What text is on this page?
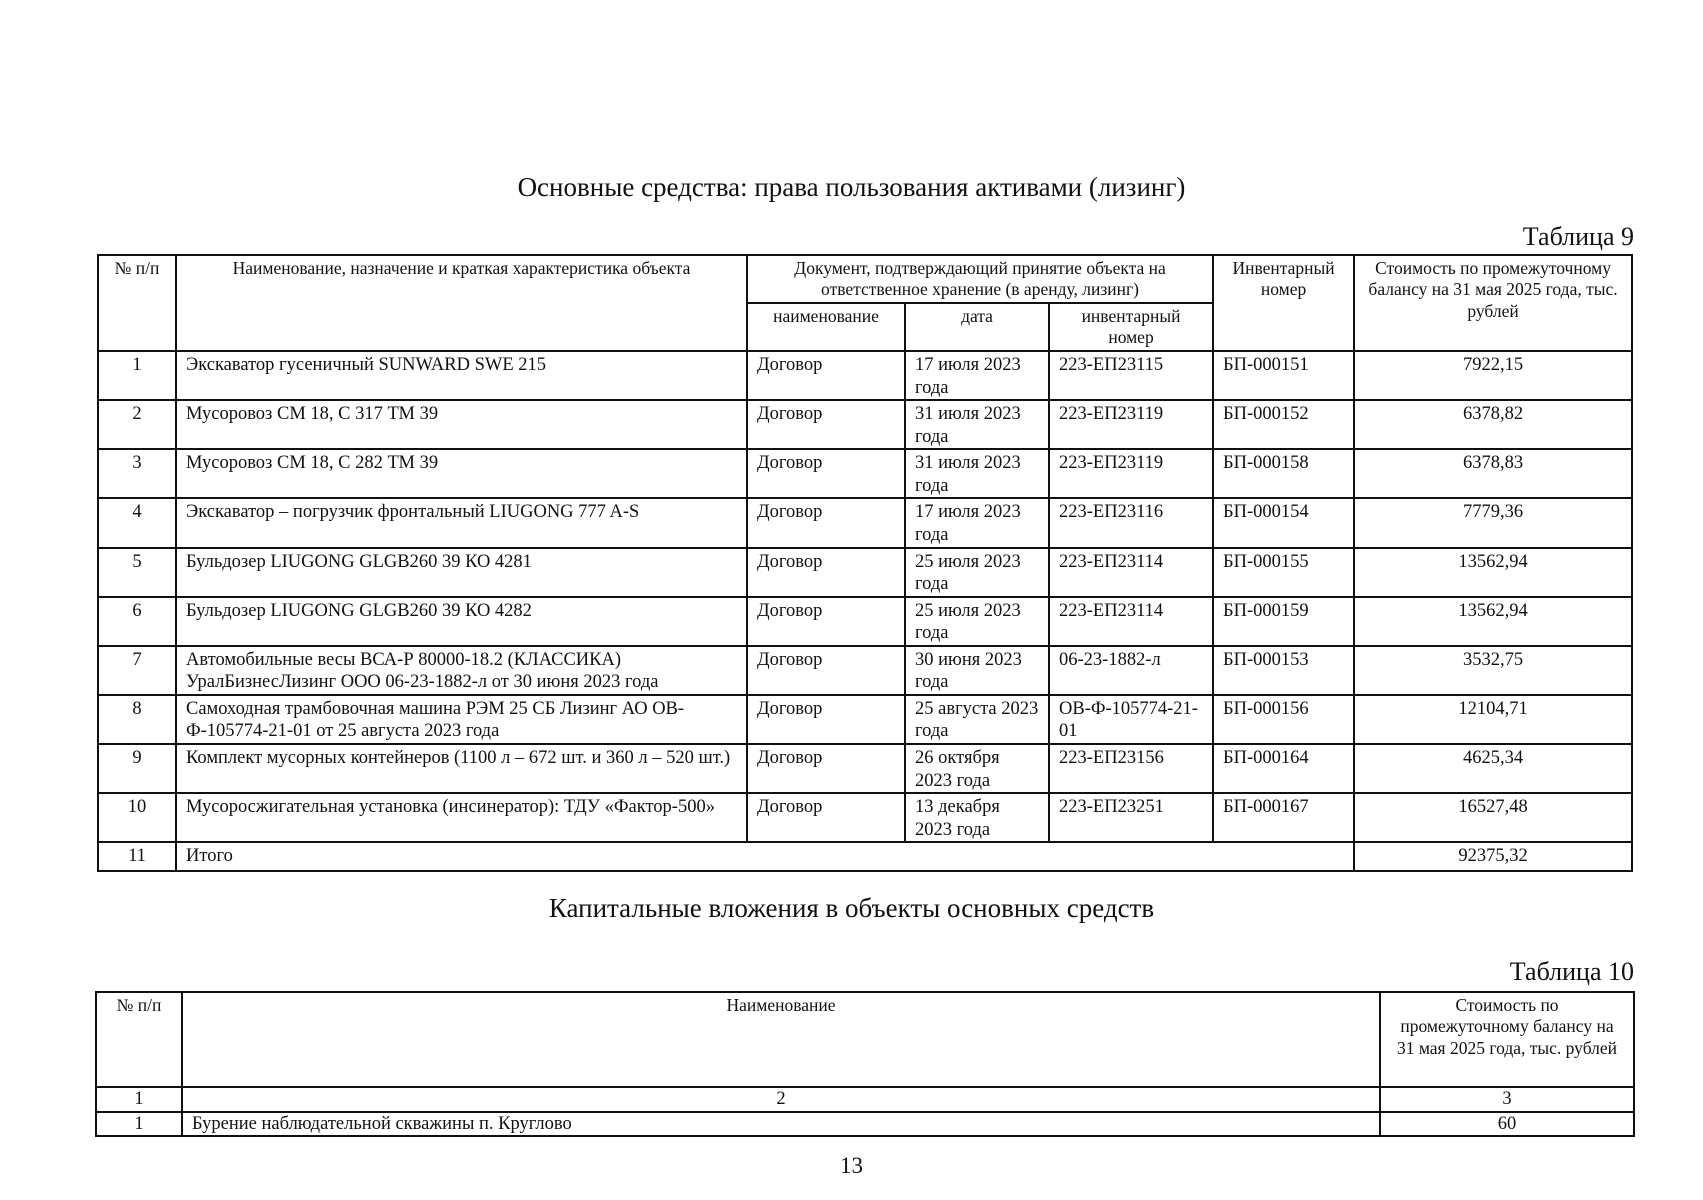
Основные средства: права пользования активами (лизинг)
Таблица 9
№ п/п	Наименование, назначение и краткая характеристика объекта	Документ, подтверждающий принятие объекта на ответственное хранение (в аренду, лизинг)			Инвентарный номер	Стоимость по промежуточному балансу на 31 мая 2025 года, тыс. рублей
		наименование	дата	инвентарный номер		
1	Экскаватор гусеничный SUNWARD SWE 215	Договор	17 июля 2023 года	223-ЕП23115	БП-000151	7922,15
2	Мусоровоз СМ 18, С 317 ТМ 39	Договор	31 июля 2023 года	223-ЕП23119	БП-000152	6378,82
3	Мусоровоз СМ 18, С 282 ТМ 39	Договор	31 июля 2023 года	223-ЕП23119	БП-000158	6378,83
4	Экскаватор – погрузчик фронтальный LIUGONG 777 A-S	Договор	17 июля 2023 года	223-ЕП23116	БП-000154	7779,36
5	Бульдозер LIUGONG GLGB260 39 КО 4281	Договор	25 июля 2023 года	223-ЕП23114	БП-000155	13562,94
6	Бульдозер LIUGONG GLGB260 39 КО 4282	Договор	25 июля 2023 года	223-ЕП23114	БП-000159	13562,94
7	Автомобильные весы ВСА-Р 80000-18.2 (КЛАССИКА) УралБизнесЛизинг ООО 06-23-1882-л от 30 июня 2023 года	Договор	30 июня 2023 года	06-23-1882-л	БП-000153	3532,75
8	Самоходная трамбовочная машина РЭМ 25 СБ Лизинг АО ОВ-Ф-105774-21-01 от 25 августа 2023 года	Договор	25 августа 2023 года	ОВ-Ф-105774-21-01	БП-000156	12104,71
9	Комплект мусорных контейнеров (1100 л – 672 шт. и 360 л – 520 шт.)	Договор	26 октября 2023 года	223-ЕП23156	БП-000164	4625,34
10	Мусоросжигательная установка (инсинератор): ТДУ «Фактор-500»	Договор	13 декабря 2023 года	223-ЕП23251	БП-000167	16527,48
11	Итого					92375,32
Капитальные вложения в объекты основных средств
Таблица 10
№ п/п	Наименование	Стоимость по промежуточному балансу на 31 мая 2025 года, тыс. рублей
1	2	3
1	Бурение наблюдательной скважины п. Круглово	60
13
